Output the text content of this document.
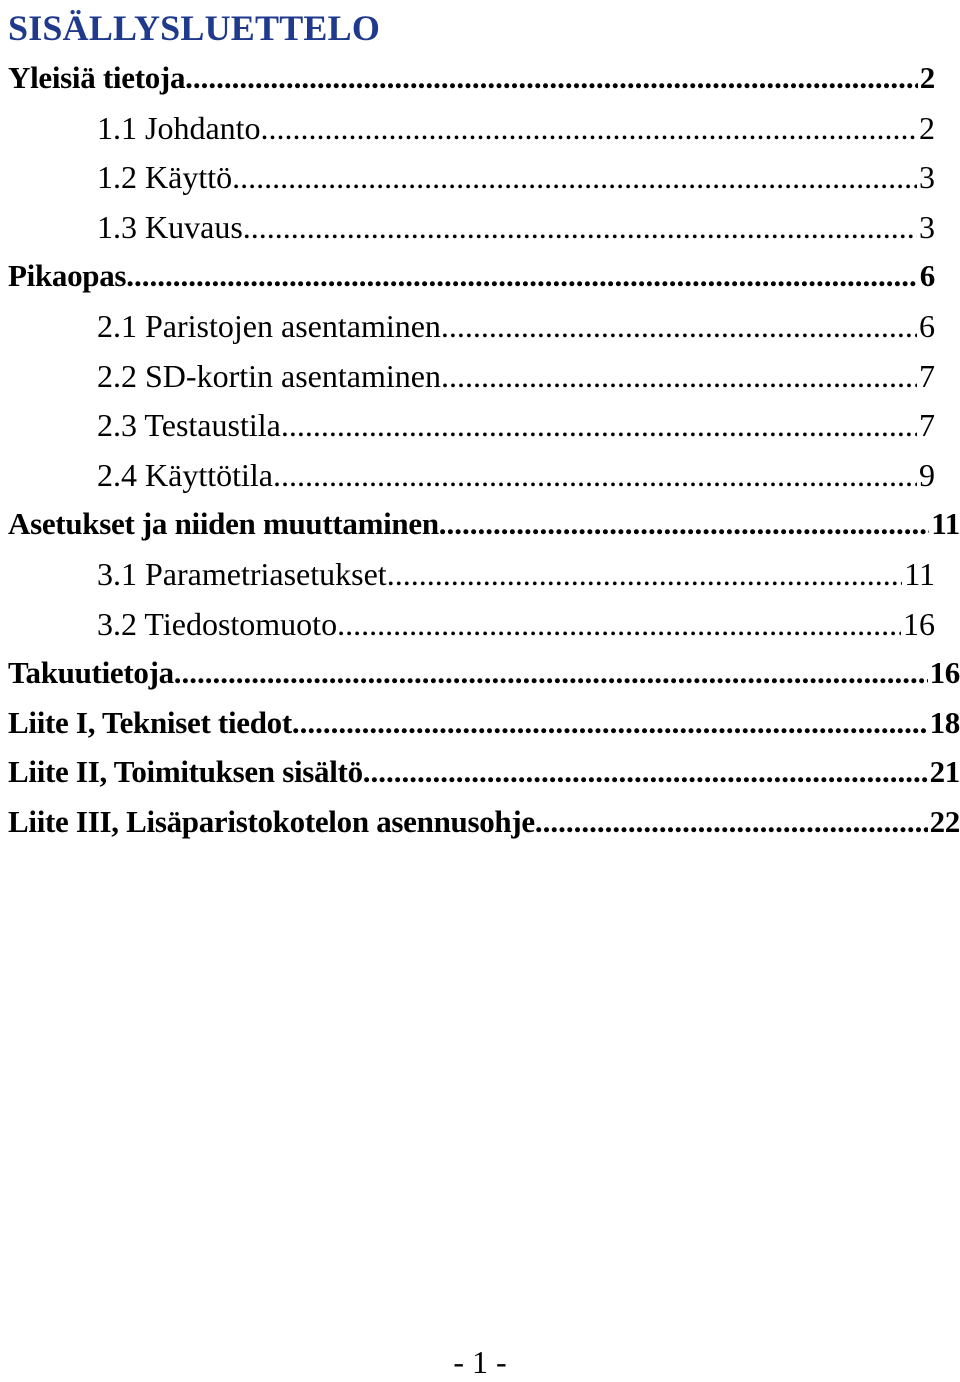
SISÄLLYSLUETTELO
Yleisiä tietoja .....	2
1.1 Johdanto .....	2
1.2 Käyttö .....	3
1.3 Kuvaus .....	3
Pikaopas .....	6
2.1 Paristojen asentaminen .....	6
2.2 SD-kortin asentaminen .....	7
2.3 Testaustila .....	7
2.4 Käyttötila .....	9
Asetukset ja niiden muuttaminen .....	11
3.1 Parametriasetukset .....	11
3.2 Tiedostomuoto .....	16
Takuutietoja .....	16
Liite I, Tekniset tiedot .....	18
Liite II, Toimituksen sisältö .....	21
Liite III, Lisäparistokotelon asennusohje .....	22
- 1 -
